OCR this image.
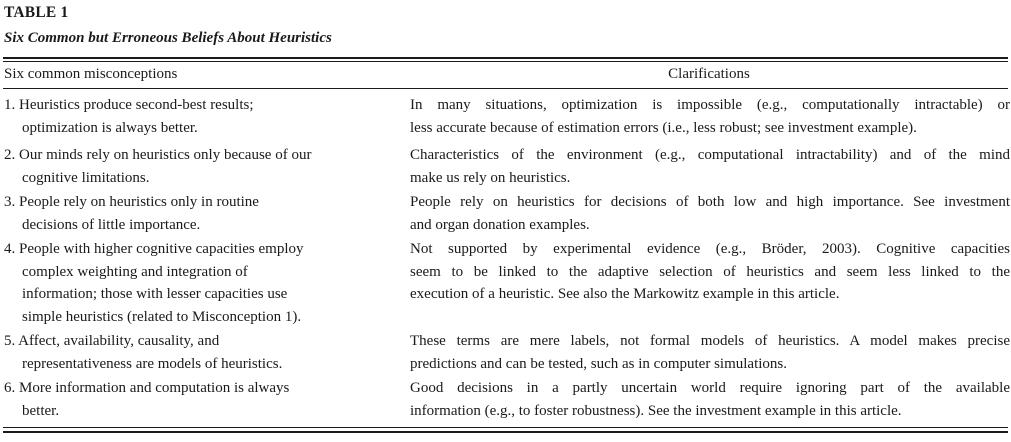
TABLE 1
Six Common but Erroneous Beliefs About Heuristics
Six common misconceptions	Clarifications
1. Heuristics produce second-best results;
optimization is always better.
In many situations, optimization is impossible (e.g., computationally intractable) or
less accurate because of estimation errors (i.e., less robust; see investment example).
2. Our minds rely on heuristics only because of our
cognitive limitations.
Characteristics of the environment (e.g., computational intractability) and of the mind
make us rely on heuristics.
3. People rely on heuristics only in routine
decisions of little importance.
People rely on heuristics for decisions of both low and high importance. See investment
and organ donation examples.
4. People with higher cognitive capacities employ
complex weighting and integration of
information; those with lesser capacities use
simple heuristics (related to Misconception 1).
Not supported by experimental evidence (e.g., Bröder, 2003). Cognitive capacities
seem to be linked to the adaptive selection of heuristics and seem less linked to the
execution of a heuristic. See also the Markowitz example in this article.
5. Affect, availability, causality, and
representativeness are models of heuristics.
These terms are mere labels, not formal models of heuristics. A model makes precise
predictions and can be tested, such as in computer simulations.
6. More information and computation is always
better.
Good decisions in a partly uncertain world require ignoring part of the available
information (e.g., to foster robustness). See the investment example in this article.
